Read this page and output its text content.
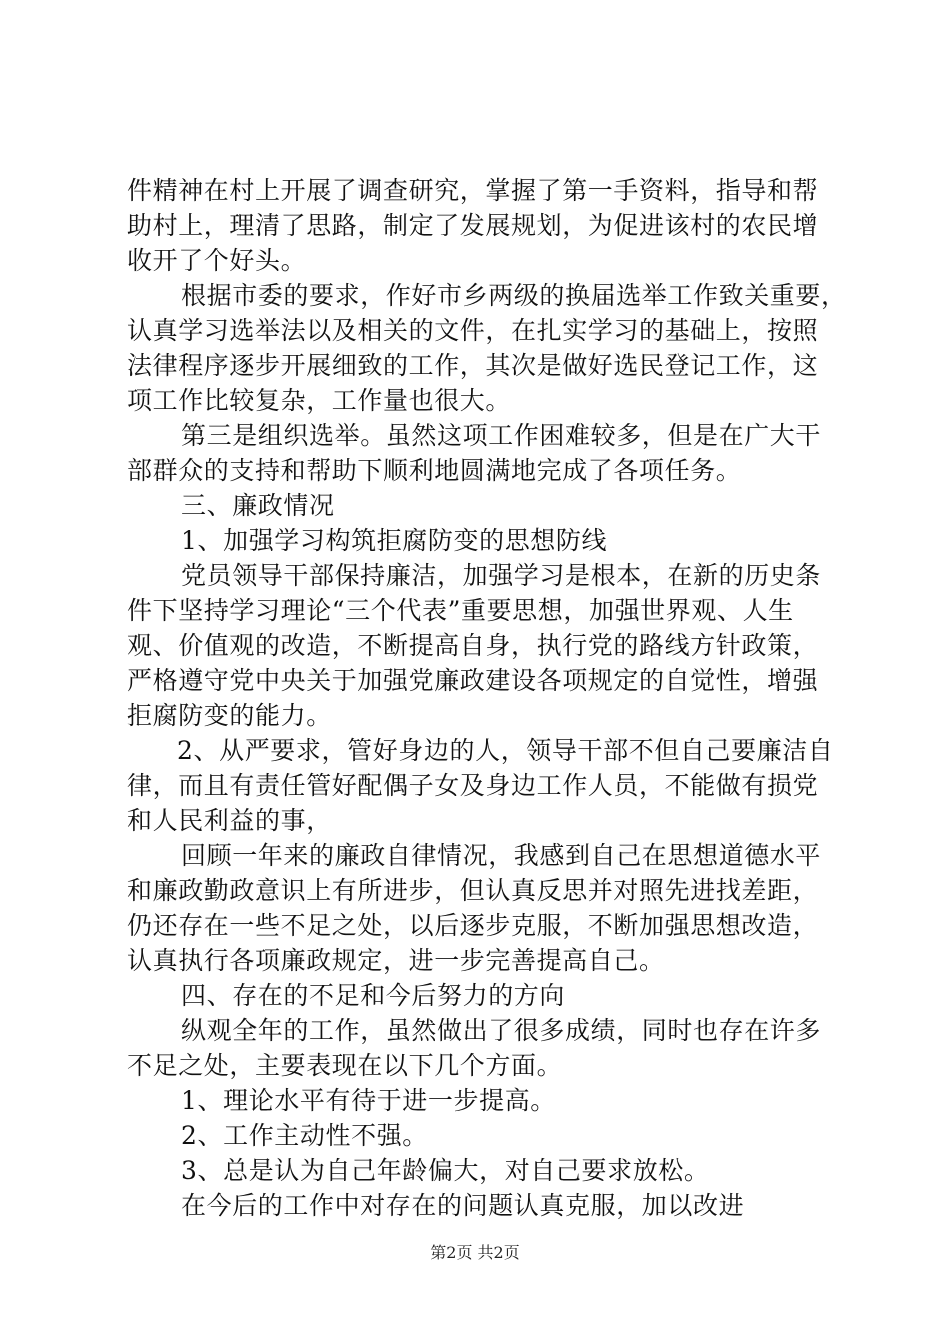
件精神在村上开展了调查研究，掌握了第一手资料，指导和帮
助村上，理清了思路，制定了发展规划，为促进该村的农民增
收开了个好头。
根据市委的要求，作好市乡两级的换届选举工作致关重要，
认真学习选举法以及相关的文件，在扎实学习的基础上，按照
法律程序逐步开展细致的工作，其次是做好选民登记工作，这
项工作比较复杂，工作量也很大。
第三是组织选举。虽然这项工作困难较多，但是在广大干
部群众的支持和帮助下顺利地圆满地完成了各项任务。
三、廉政情况
1、加强学习构筑拒腐防变的思想防线
党员领导干部保持廉洁，加强学习是根本，在新的历史条
件下坚持学习理论“三个代表”重要思想，加强世界观、人生
观、价值观的改造，不断提高自身，执行党的路线方针政策，
严格遵守党中央关于加强党廉政建设各项规定的自觉性，增强
拒腐防变的能力。
2、从严要求，管好身边的人，领导干部不但自己要廉洁自
律，而且有责任管好配偶子女及身边工作人员，不能做有损党
和人民利益的事，
回顾一年来的廉政自律情况，我感到自己在思想道德水平
和廉政勤政意识上有所进步，但认真反思并对照先进找差距，
仍还存在一些不足之处，以后逐步克服，不断加强思想改造，
认真执行各项廉政规定，进一步完善提高自己。
四、存在的不足和今后努力的方向
纵观全年的工作，虽然做出了很多成绩，同时也存在许多
不足之处，主要表现在以下几个方面。
1、理论水平有待于进一步提高。
2、工作主动性不强。
3、总是认为自己年龄偏大，对自己要求放松。
在今后的工作中对存在的问题认真克服，加以改进
第2页 共2页
